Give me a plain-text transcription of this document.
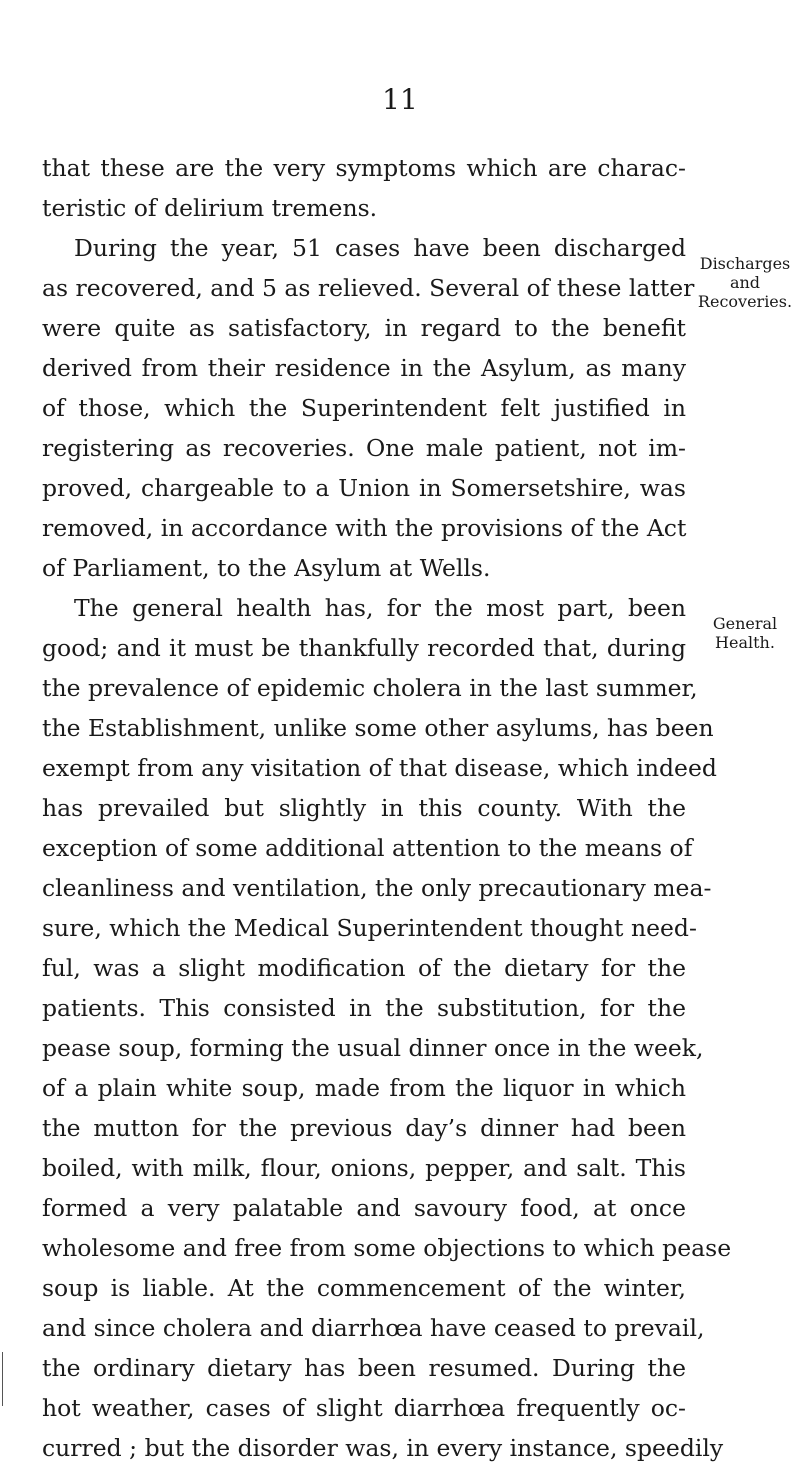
11
that these are the very symptoms which are charac-
teristic of delirium tremens.
During the year, 51 cases have been discharged
as recovered, and 5 as relieved. Several of these latter
were quite as satisfactory, in regard to the benefit
derived from their residence in the Asylum, as many
of those, which the Superintendent felt justified in
registering as recoveries. One male patient, not im-
proved, chargeable to a Union in Somersetshire, was
removed, in accordance with the provisions of the Act
of Parliament, to the Asylum at Wells.
The general health has, for the most part, been
good; and it must be thankfully recorded that, during
the prevalence of epidemic cholera in the last summer,
the Establishment, unlike some other asylums, has been
exempt from any visitation of that disease, which indeed
has prevailed but slightly in this county. With the
exception of some additional attention to the means of
cleanliness and ventilation, the only precautionary mea-
sure, which the Medical Superintendent thought need-
ful, was a slight modification of the dietary for the
patients. This consisted in the substitution, for the
pease soup, forming the usual dinner once in the week,
of a plain white soup, made from the liquor in which
the mutton for the previous day’s dinner had been
boiled, with milk, flour, onions, pepper, and salt. This
formed a very palatable and savoury food, at once
wholesome and free from some objections to which pease
soup is liable. At the commencement of the winter,
and since cholera and diarrhœa have ceased to prevail,
the ordinary dietary has been resumed. During the
hot weather, cases of slight diarrhœa frequently oc-
curred ; but the disorder was, in every instance, speedily
Discharges
and
Recoveries.
General
Health.
